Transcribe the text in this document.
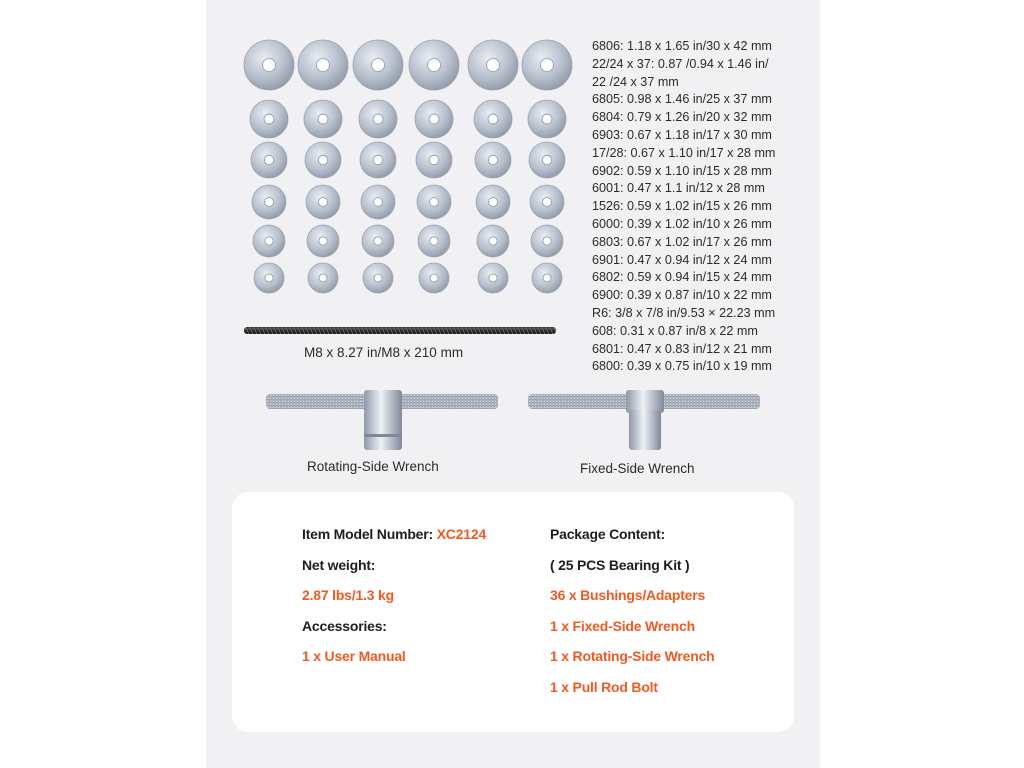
6806: 1.18 x 1.65 in/30 x 42 mm
22/24 x 37: 0.87 /0.94 x 1.46 in/
22 /24 x 37 mm
6805: 0.98 x 1.46 in/25 x 37 mm
6804: 0.79 x 1.26 in/20 x 32 mm
6903: 0.67 x 1.18 in/17 x 30 mm
17/28: 0.67 x 1.10 in/17 x 28 mm
6902: 0.59 x 1.10 in/15 x 28 mm
6001: 0.47 x 1.1 in/12 x 28 mm
1526: 0.59 x 1.02 in/15 x 26 mm
6000: 0.39 x 1.02 in/10 x 26 mm
6803: 0.67 x 1.02 in/17 x 26 mm
6901: 0.47 x 0.94 in/12 x 24 mm
6802: 0.59 x 0.94 in/15 x 24 mm
6900: 0.39 x 0.87 in/10 x 22 mm
R6: 3/8 x 7/8 in/9.53 × 22.23 mm
608: 0.31 x 0.87 in/8 x 22 mm
6801: 0.47 x 0.83 in/12 x 21 mm
6800: 0.39 x 0.75 in/10 x 19 mm
M8 x 8.27 in/M8 x 210 mm
Rotating-Side Wrench	Fixed-Side Wrench
Item Model Number: XC2124
Net weight:
2.87 lbs/1.3 kg
Accessories:
1 x User Manual
Package Content:
( 25 PCS Bearing Kit )
36 x Bushings/Adapters
1 x Fixed-Side Wrench
1 x Rotating-Side Wrench
1 x Pull Rod Bolt
